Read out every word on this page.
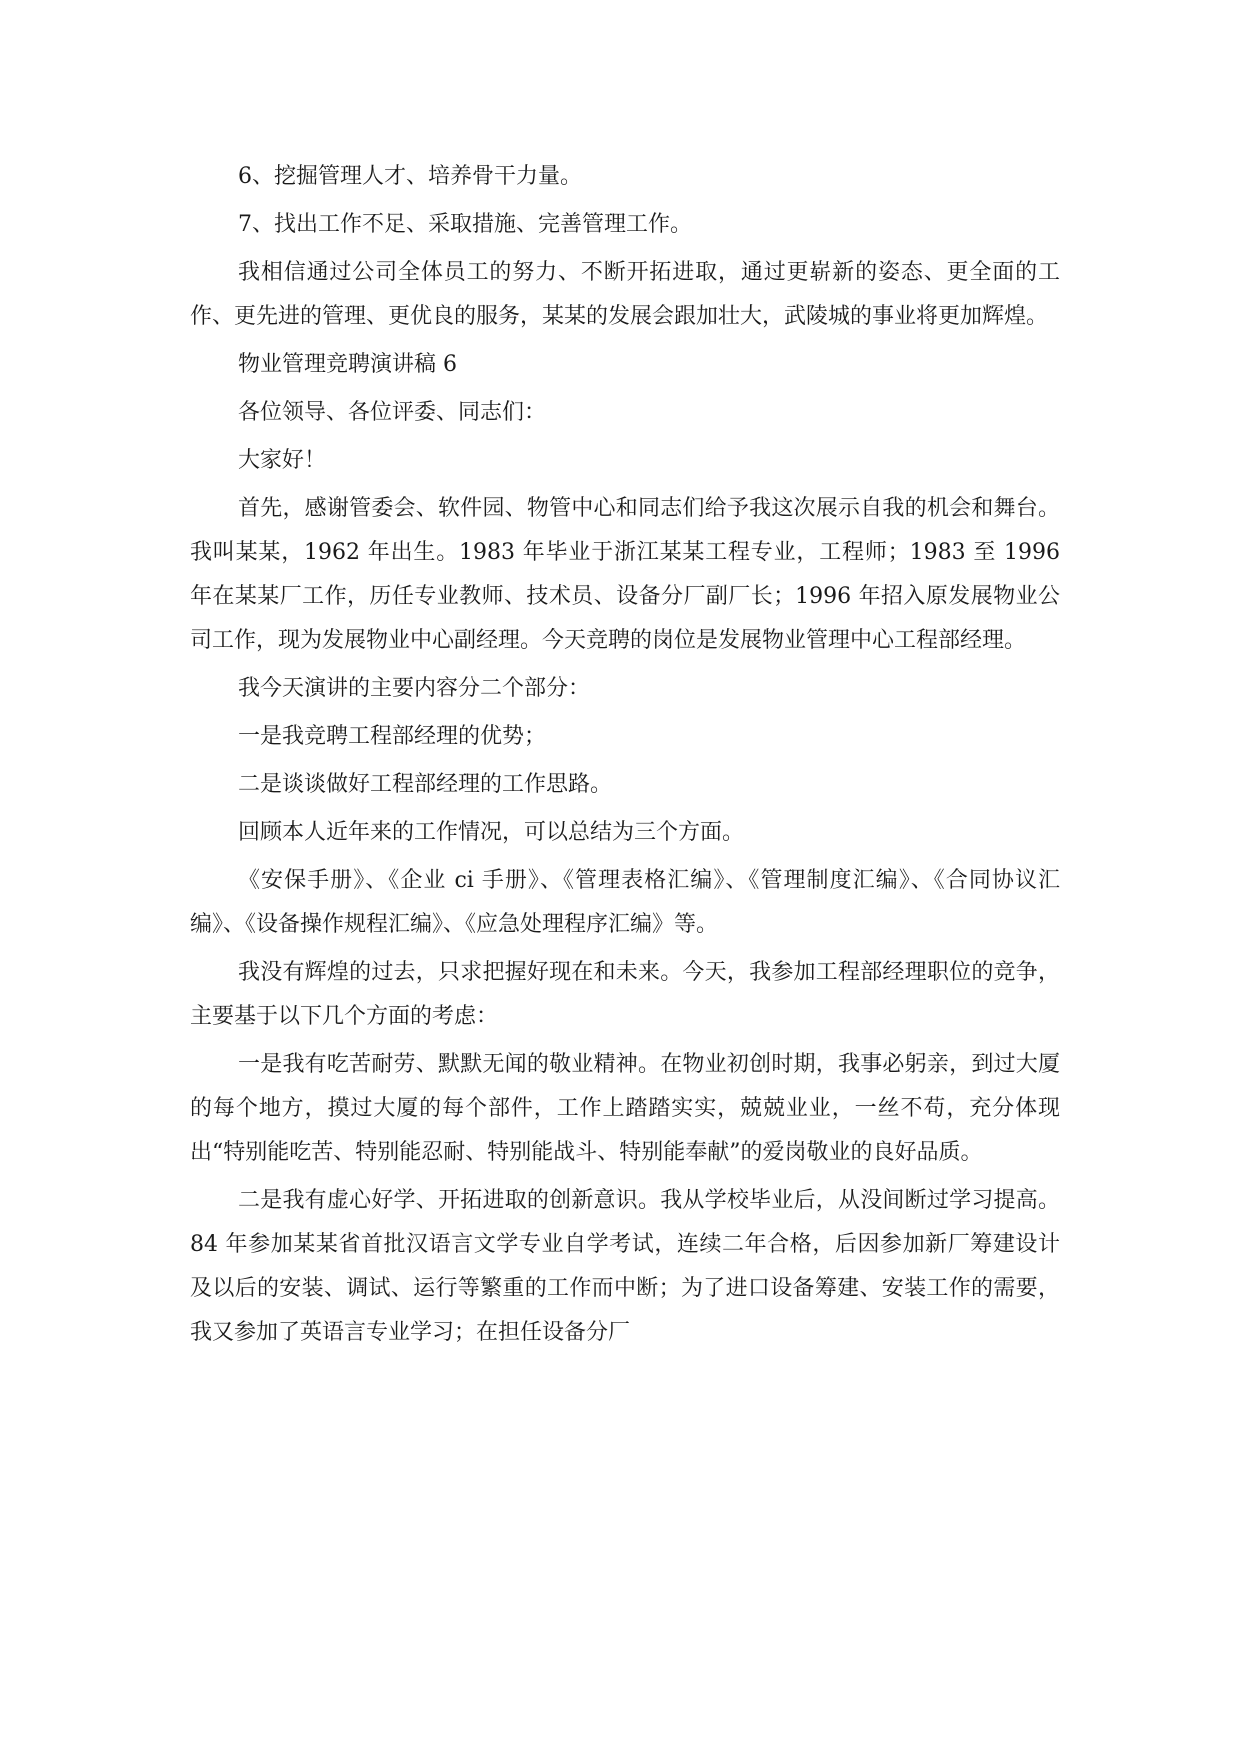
6、挖掘管理人才、培养骨干力量。

7、找出工作不足、采取措施、完善管理工作。

我相信通过公司全体员工的努力、不断开拓进取，通过更崭新的姿态、更全面的工作、更先进的管理、更优良的服务，某某的发展会跟加壮大，武陵城的事业将更加辉煌。

物业管理竞聘演讲稿 6

各位领导、各位评委、同志们：

大家好！

首先，感谢管委会、软件园、物管中心和同志们给予我这次展示自我的机会和舞台。我叫某某，1962 年出生。1983 年毕业于浙江某某工程专业，工程师；1983 至 1996 年在某某厂工作，历任专业教师、技术员、设备分厂副厂长；1996 年招入原发展物业公司工作，现为发展物业中心副经理。今天竞聘的岗位是发展物业管理中心工程部经理。

我今天演讲的主要内容分二个部分：

一是我竞聘工程部经理的优势；

二是谈谈做好工程部经理的工作思路。

回顾本人近年来的工作情况，可以总结为三个方面。

《安保手册》、《企业 ci 手册》、《管理表格汇编》、《管理制度汇编》、《合同协议汇编》、《设备操作规程汇编》、《应急处理程序汇编》等。

我没有辉煌的过去，只求把握好现在和未来。今天，我参加工程部经理职位的竞争，主要基于以下几个方面的考虑：

一是我有吃苦耐劳、默默无闻的敬业精神。在物业初创时期，我事必躬亲，到过大厦的每个地方，摸过大厦的每个部件，工作上踏踏实实，兢兢业业，一丝不苟，充分体现出“特别能吃苦、特别能忍耐、特别能战斗、特别能奉献”的爱岗敬业的良好品质。

二是我有虚心好学、开拓进取的创新意识。我从学校毕业后，从没间断过学习提高。84 年参加某某省首批汉语言文学专业自学考试，连续二年合格，后因参加新厂筹建设计及以后的安装、调试、运行等繁重的工作而中断；为了进口设备筹建、安装工作的需要，我又参加了英语言专业学习；在担任设备分厂
